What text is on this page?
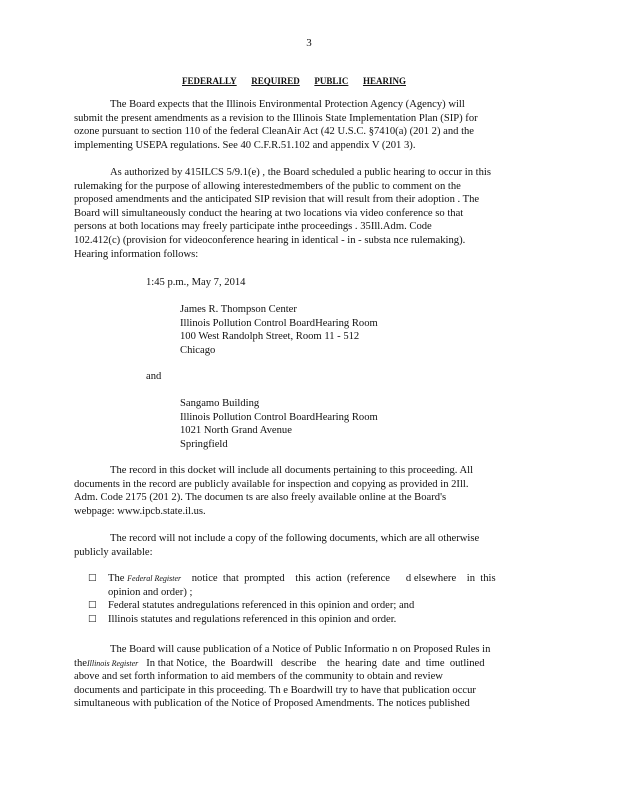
3
FEDERALLY REQUIRED PUBLIC HEARING
The Board expects that the Illinois Environmental Protection Agency (Agency) will
submit the present amendments as a revision to the Illinois State Implementation Plan (SIP) for
ozone pursuant to section 110 of the federal CleanAir Act (42 U.S.C. §7410(a) (201 2) and the
implementing USEPA regulations. See 40 C.F.R.51.102 and appendix V (201 3).
As authorized by 415ILCS 5/9.1(e) , the Board scheduled a public hearing to occur in this
rulemaking for the purpose of allowing interestedmembers of the public to comment on the
proposed amendments and the anticipated SIP revision that will result from their adoption . The
Board will simultaneously conduct the hearing at two locations via video conference so that
persons at both locations may freely participate inthe proceedings . 35Ill.Adm. Code
102.412(c) (provision for videoconference hearing in identical - in - substa nce rulemaking).
Hearing information follows:
1:45 p.m., May 7, 2014
James R. Thompson Center
Illinois Pollution Control BoardHearing Room
100 West Randolph Street, Room 11 - 512
Chicago
and
Sangamo Building
Illinois Pollution Control BoardHearing Room
1021 North Grand Avenue
Springfield
The record in this docket will include all documents pertaining to this proceeding. All
documents in the record are publicly available for inspection and copying as provided in 2Ill.
Adm. Code 2175 (201 2). The documen ts are also freely available online at the Board's
webpage: www.ipcb.state.il.us.
The record will not include a copy of the following documents, which are all otherwise
publicly available:
□ The Federal Register    notice  that  prompted    this  action  (reference      d elsewhere    in  this
opinion and order) ;
□ Federal statutes andregulations referenced in this opinion and order; and
□ Illinois statutes and regulations referenced in this opinion and order.
The Board will cause publication of a Notice of Public Informatio n on Proposed Rules in
theIllinois Register   In that Notice,  the  Boardwill   describe    the  hearing  date  and  time  outlined
above and set forth information to aid members of the community to obtain and review
documents and participate in this proceeding. Th e Boardwill try to have that publication occur
simultaneous with publication of the Notice of Proposed Amendments. The notices published
